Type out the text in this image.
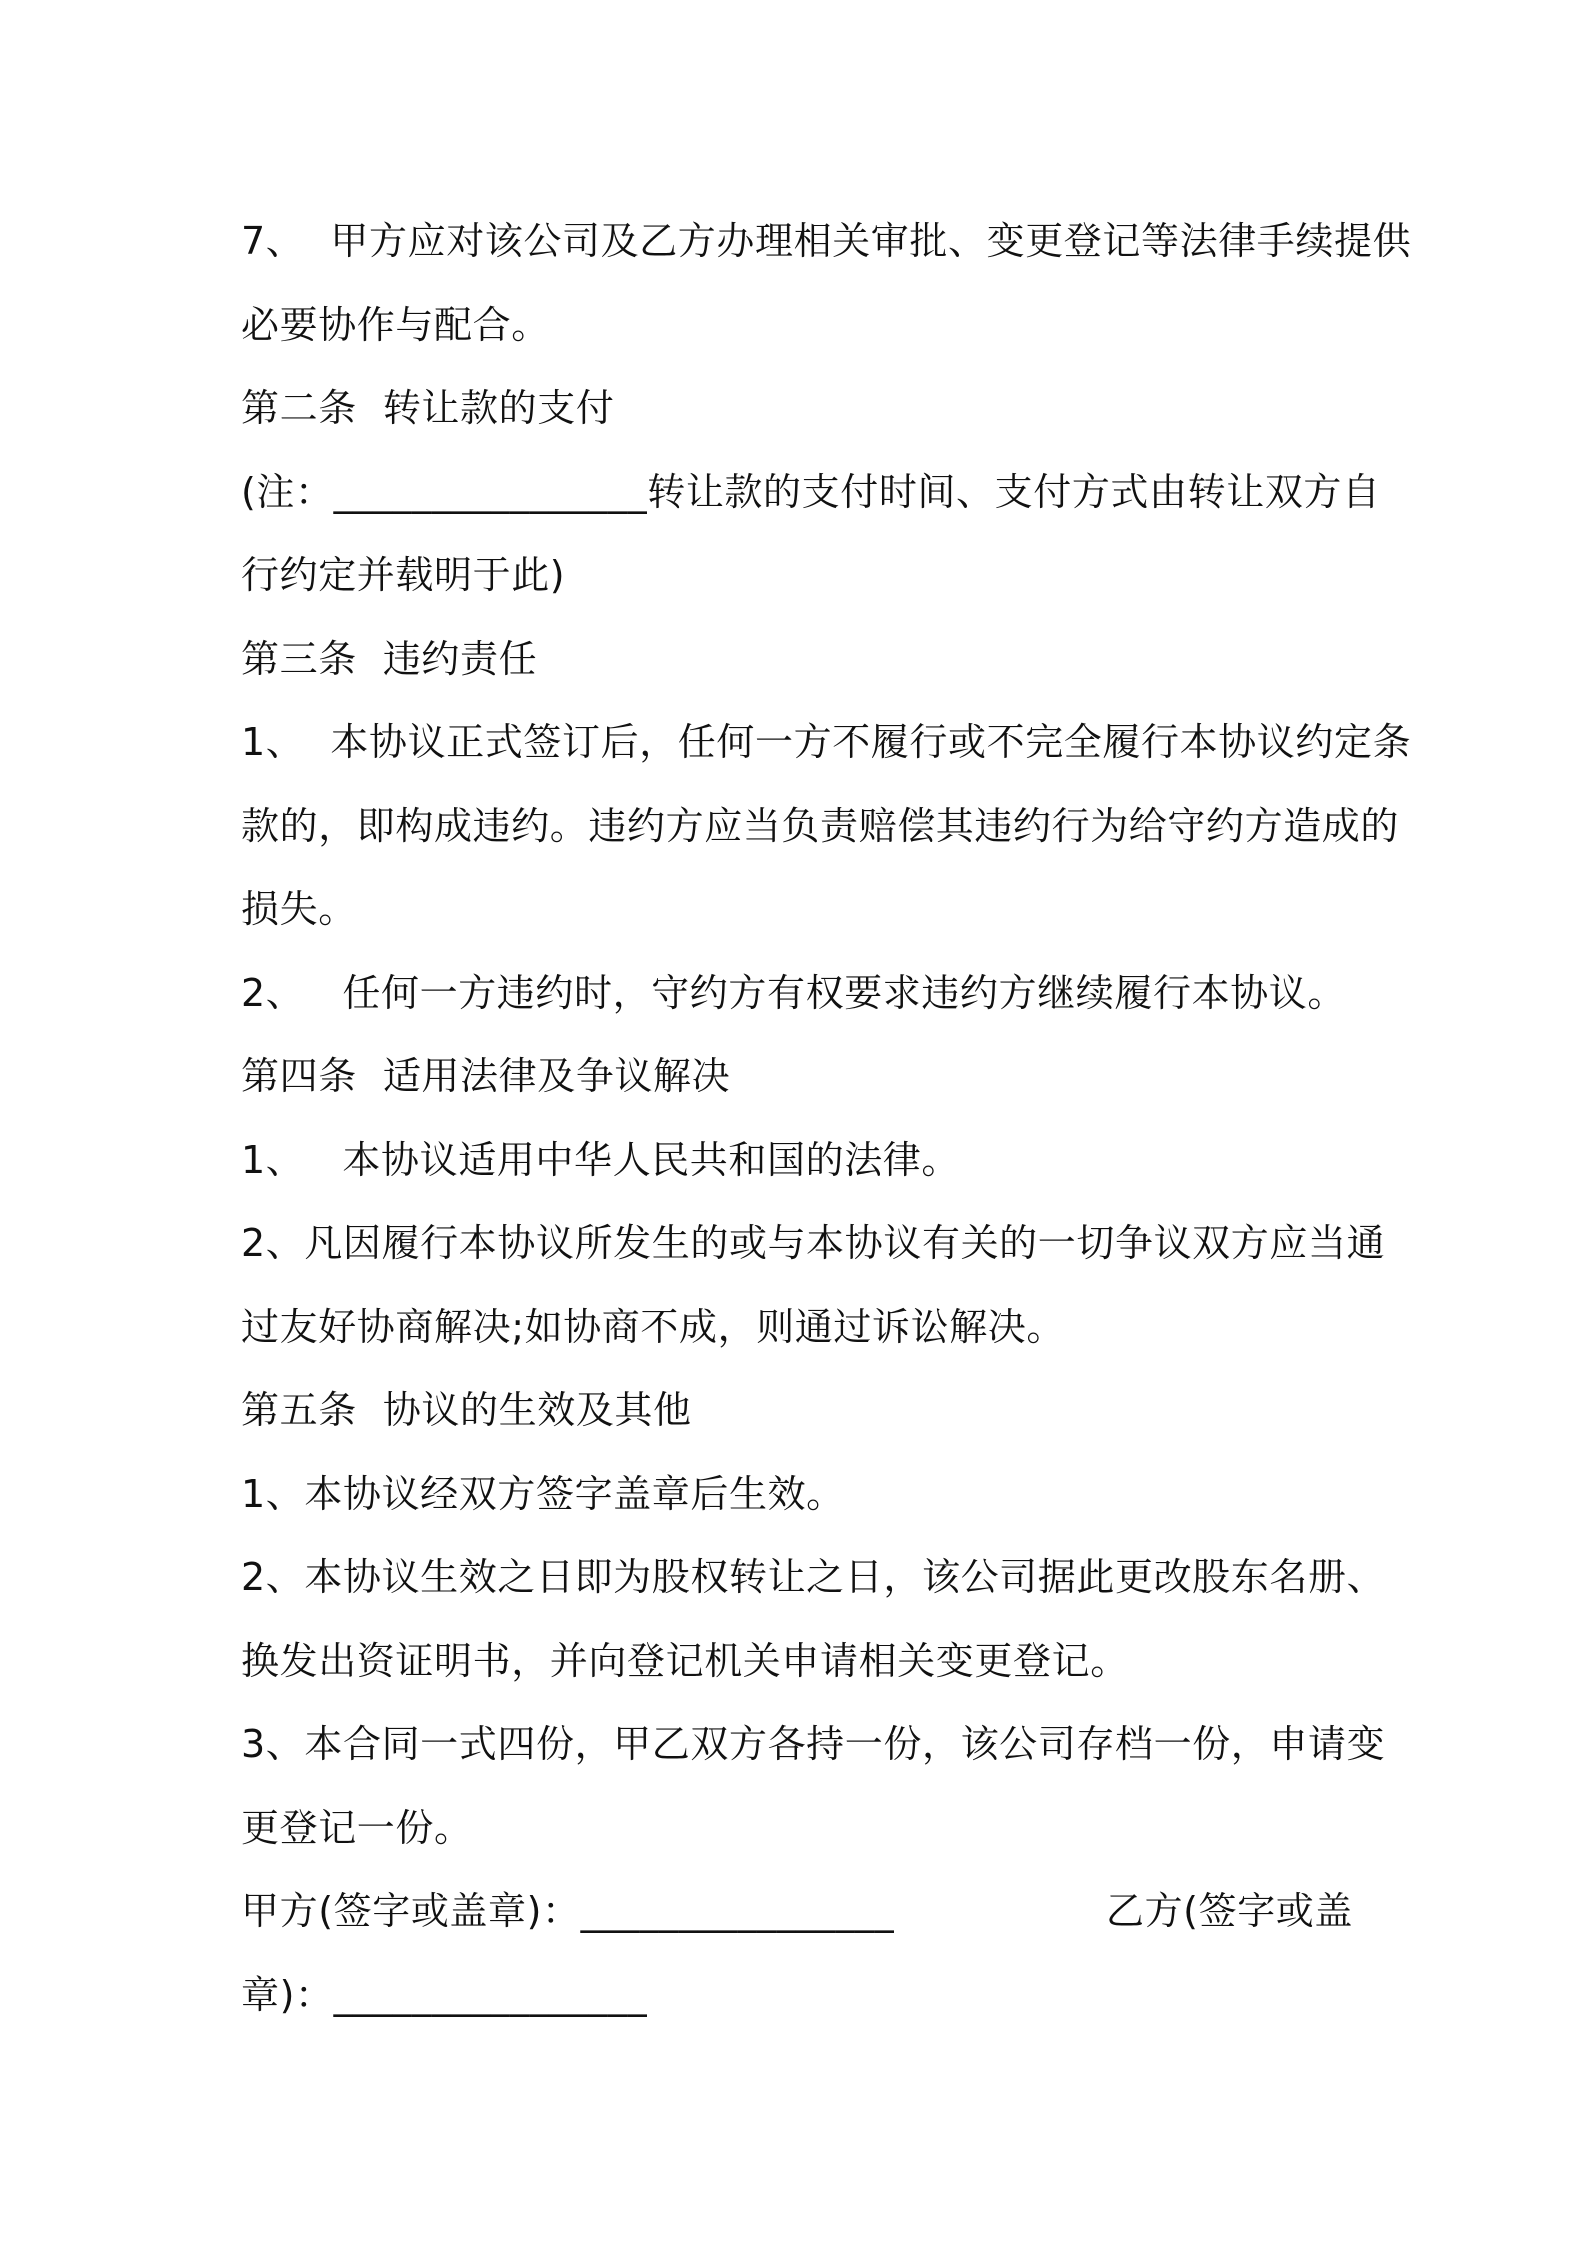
7、 甲方应对该公司及乙方办理相关审批、变更登记等法律手续提供
必要协作与配合。
第二条 转让款的支付
(注：________________转让款的支付时间、支付方式由转让双方自
行约定并载明于此)
第三条 违约责任
1、 本协议正式签订后，任何一方不履行或不完全履行本协议约定条
款的，即构成违约。违约方应当负责赔偿其违约行为给守约方造成的
损失。
2、 任何一方违约时，守约方有权要求违约方继续履行本协议。
第四条 适用法律及争议解决
1、 本协议适用中华人民共和国的法律。
2、凡因履行本协议所发生的或与本协议有关的一切争议双方应当通
过友好协商解决;如协商不成，则通过诉讼解决。
第五条 协议的生效及其他
1、本协议经双方签字盖章后生效。
2、本协议生效之日即为股权转让之日，该公司据此更改股东名册、
换发出资证明书，并向登记机关申请相关变更登记。
3、本合同一式四份，甲乙双方各持一份，该公司存档一份，申请变
更登记一份。
甲方(签字或盖章)：________________	乙方(签字或盖
章)：________________
